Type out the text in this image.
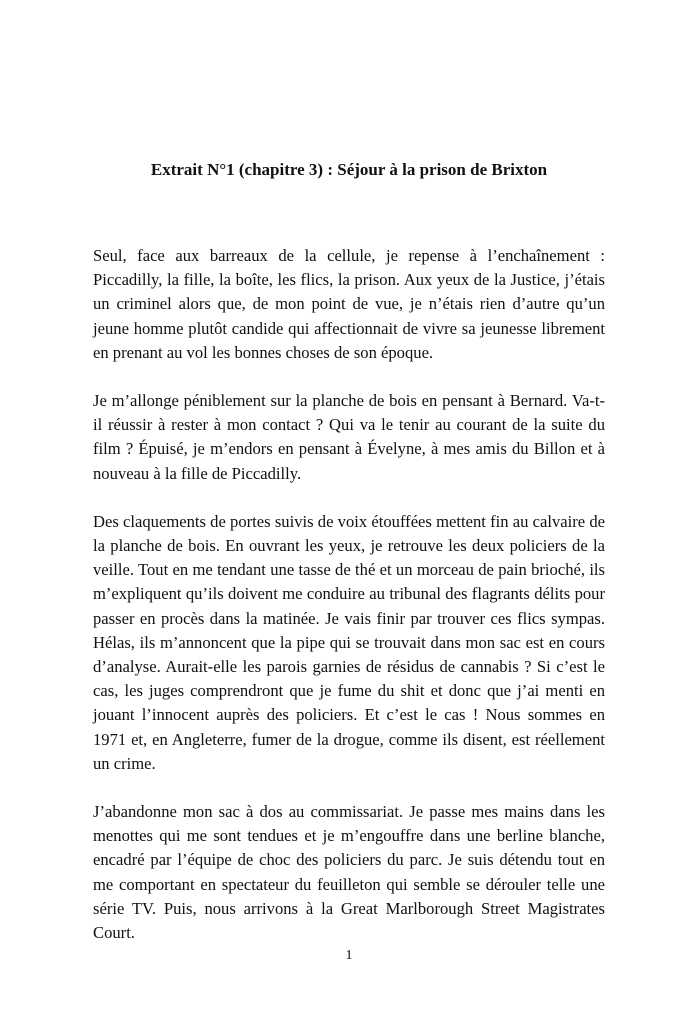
Extrait N°1 (chapitre 3) : Séjour à la prison de Brixton

Seul, face aux barreaux de la cellule, je repense à l’enchaînement : Piccadilly, la fille, la boîte, les flics, la prison. Aux yeux de la Justice, j’étais un criminel alors que, de mon point de vue, je n’étais rien d’autre qu’un jeune homme plutôt candide qui affectionnait de vivre sa jeunesse librement en prenant au vol les bonnes choses de son époque.

Je m’allonge péniblement sur la planche de bois en pensant à Bernard. Va-t-il réussir à rester à mon contact ? Qui va le tenir au courant de la suite du film ? Épuisé, je m’endors en pensant à Évelyne, à mes amis du Billon et à nouveau à la fille de Piccadilly.

Des claquements de portes suivis de voix étouffées mettent fin au calvaire de la planche de bois. En ouvrant les yeux, je retrouve les deux policiers de la veille. Tout en me tendant une tasse de thé et un morceau de pain brioché, ils m’expliquent qu’ils doivent me conduire au tribunal des flagrants délits pour passer en procès dans la matinée. Je vais finir par trouver ces flics sympas. Hélas, ils m’annoncent que la pipe qui se trouvait dans mon sac est en cours d’analyse. Aurait-elle les parois garnies de résidus de cannabis ? Si c’est le cas, les juges comprendront que je fume du shit et donc que j’ai menti en jouant l’innocent auprès des policiers. Et c’est le cas ! Nous sommes en 1971 et, en Angleterre, fumer de la drogue, comme ils disent, est réellement un crime.

J’abandonne mon sac à dos au commissariat. Je passe mes mains dans les menottes qui me sont tendues et je m’engouffre dans une berline blanche, encadré par l’équipe de choc des policiers du parc. Je suis détendu tout en me comportant en spectateur du feuilleton qui semble se dérouler telle une série TV. Puis, nous arrivons à la Great Marlborough Street Magistrates Court.

1
